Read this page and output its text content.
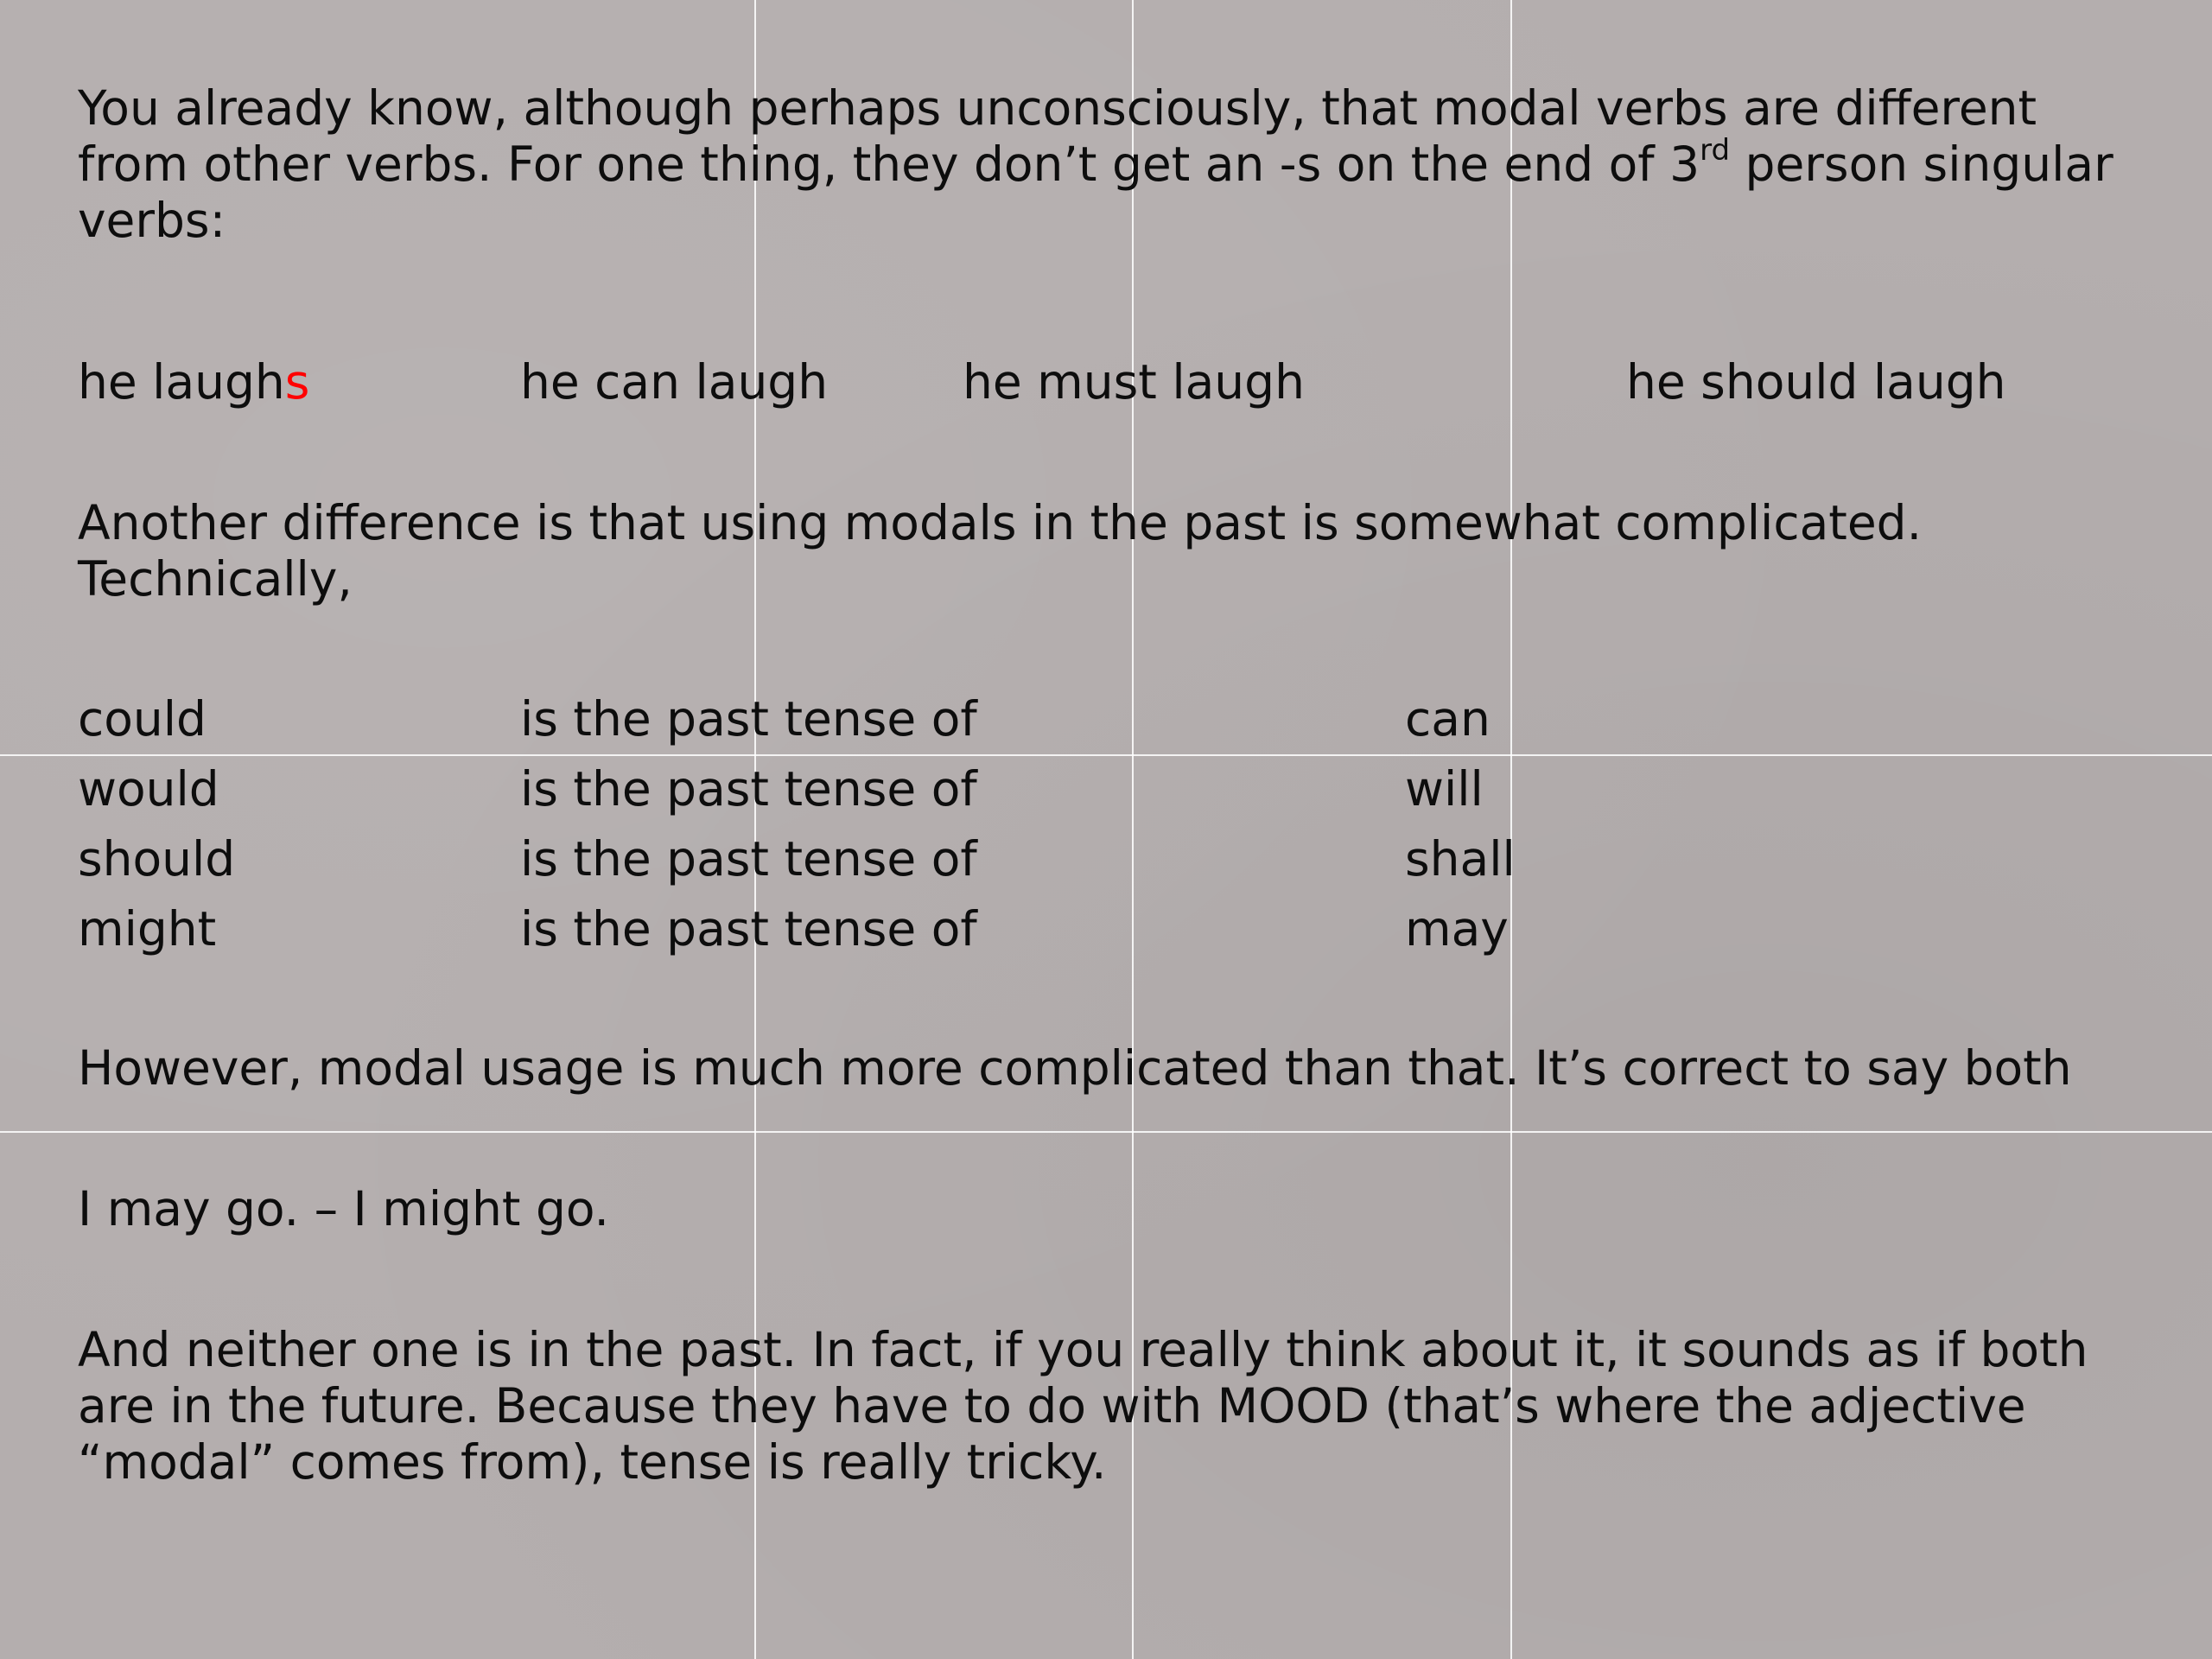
You already know, although perhaps unconsciously, that modal verbs are different
from other verbs. For one thing, they don’t get an -s on the end of 3rd person singular
verbs:
he laughs	he can laugh	he must laugh	he should laugh
Another difference is that using modals in the past is somewhat complicated.
Technically,
could	is the past tense of	can
would	is the past tense of	will
should	is the past tense of	shall
might	is the past tense of	may
However, modal usage is much more complicated than that. It’s correct to say both
I may go. – I might go.
And neither one is in the past. In fact, if you really think about it, it sounds as if both
are in the future. Because they have to do with MOOD (that’s where the adjective
“modal” comes from), tense is really tricky.
